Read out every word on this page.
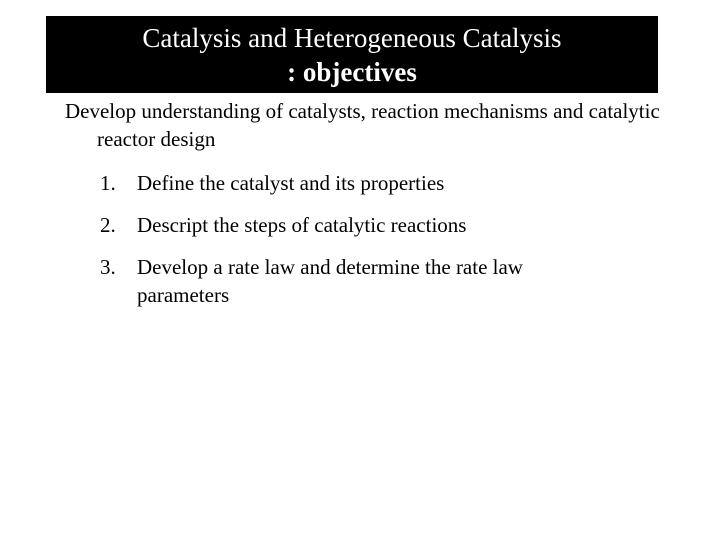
Catalysis and Heterogeneous Catalysis
: objectives
Develop understanding of catalysts, reaction mechanisms and catalytic reactor design
1. Define the catalyst and its properties
2. Descript the steps of catalytic reactions
3. Develop a rate law and determine the rate law parameters
